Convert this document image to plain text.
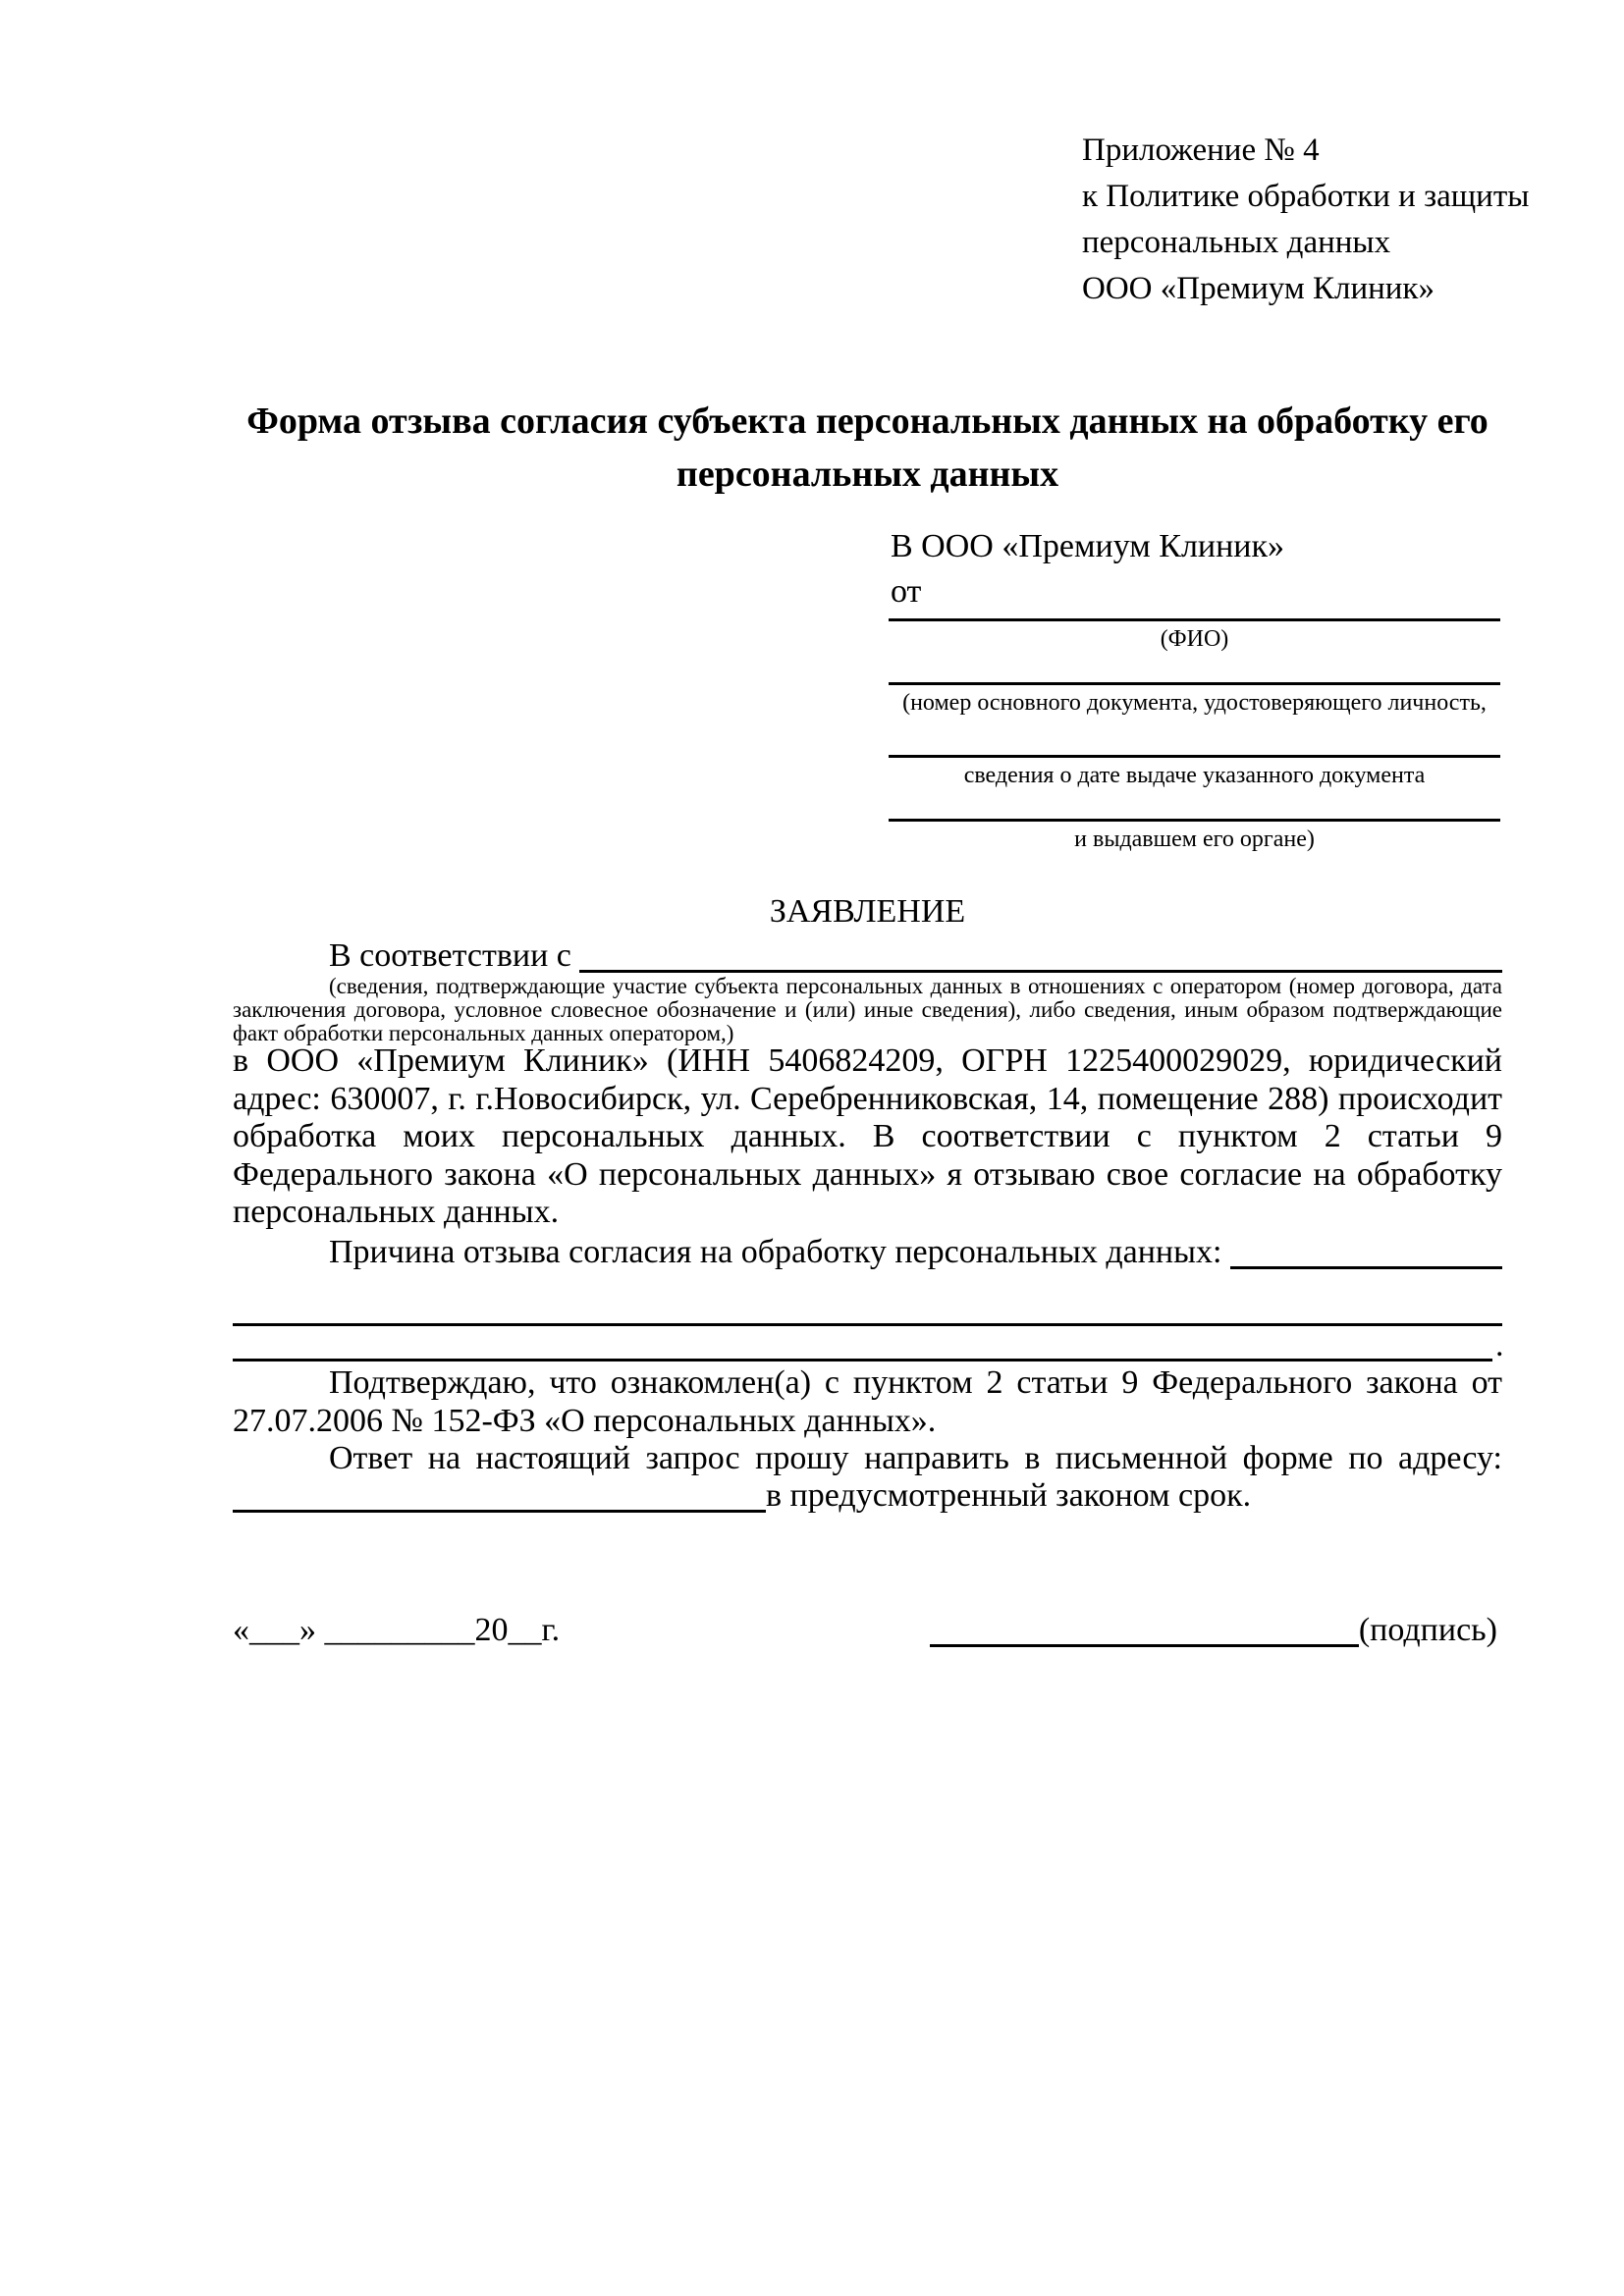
Приложение № 4
к Политике обработки и защиты
персональных данных
ООО «Премиум Клиник»
Форма отзыва согласия субъекта персональных данных на обработку его персональных данных
В ООО «Премиум Клиник»
от
(ФИО)
(номер основного документа, удостоверяющего личность,
сведения о дате выдаче указанного документа
и выдавшем его органе)
ЗАЯВЛЕНИЕ
В соответствии с
(сведения, подтверждающие участие субъекта персональных данных в отношениях с оператором (номер договора, дата заключения договора, условное словесное обозначение и (или) иные сведения), либо сведения, иным образом подтверждающие факт обработки персональных данных оператором,)
в ООО «Премиум Клиник» (ИНН 5406824209, ОГРН 1225400029029, юридический адрес: 630007, г. г.Новосибирск, ул. Серебренниковская, 14, помещение 288) происходит обработка моих персональных данных. В соответствии с пунктом 2 статьи 9 Федерального закона «О персональных данных» я отзываю свое согласие на обработку персональных данных.
Причина отзыва согласия на обработку персональных данных:
.
Подтверждаю, что ознакомлен(а) с пунктом 2 статьи 9 Федерального закона от 27.07.2006 № 152-ФЗ «О персональных данных».
Ответ на настоящий запрос прошу направить в письменной форме по адресу:
в предусмотренный законом срок.
«___» _________20__г.	(подпись)
